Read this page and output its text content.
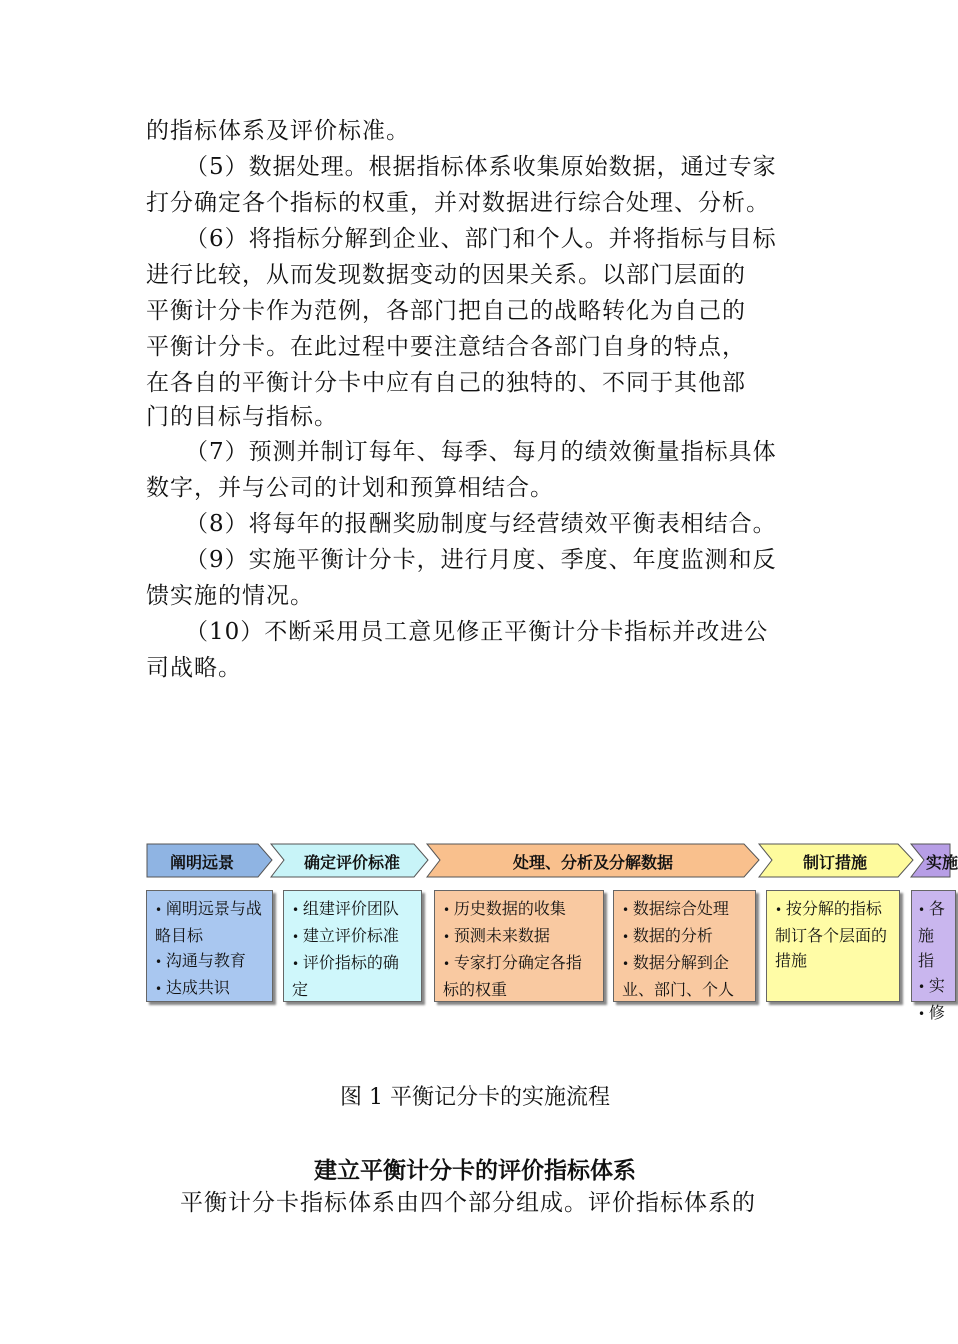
的指标体系及评价标准。
（5）数据处理。根据指标体系收集原始数据，通过专家
打分确定各个指标的权重，并对数据进行综合处理、分析。
（6）将指标分解到企业、部门和个人。并将指标与目标
进行比较，从而发现数据变动的因果关系。以部门层面的
平衡计分卡作为范例，各部门把自己的战略转化为自己的
平衡计分卡。在此过程中要注意结合各部门自身的特点，
在各自的平衡计分卡中应有自己的独特的、不同于其他部
门的目标与指标。
（7）预测并制订每年、每季、每月的绩效衡量指标具体
数字，并与公司的计划和预算相结合。
（8）将每年的报酬奖励制度与经营绩效平衡表相结合。
（9）实施平衡计分卡，进行月度、季度、年度监测和反
馈实施的情况。
（10）不断采用员工意见修正平衡计分卡指标并改进公
司战略。
阐明远景	确定评价标准	处理、分析及分解数据	制订措施	实施
• 阐明远景与战略目标
• 沟通与教育
• 达成共识
• 组建评价团队
• 建立评价标准
• 评价指标的确定
• 历史数据的收集
• 预测未来数据
• 专家打分确定各指标的权重
• 数据综合处理
• 数据的分析
• 数据分解到企业、部门、个人
• 按分解的指标制订各个层面的措施
• 各施指
• 实
• 修
图 1 平衡记分卡的实施流程
建立平衡计分卡的评价指标体系
平衡计分卡指标体系由四个部分组成。评价指标体系的
